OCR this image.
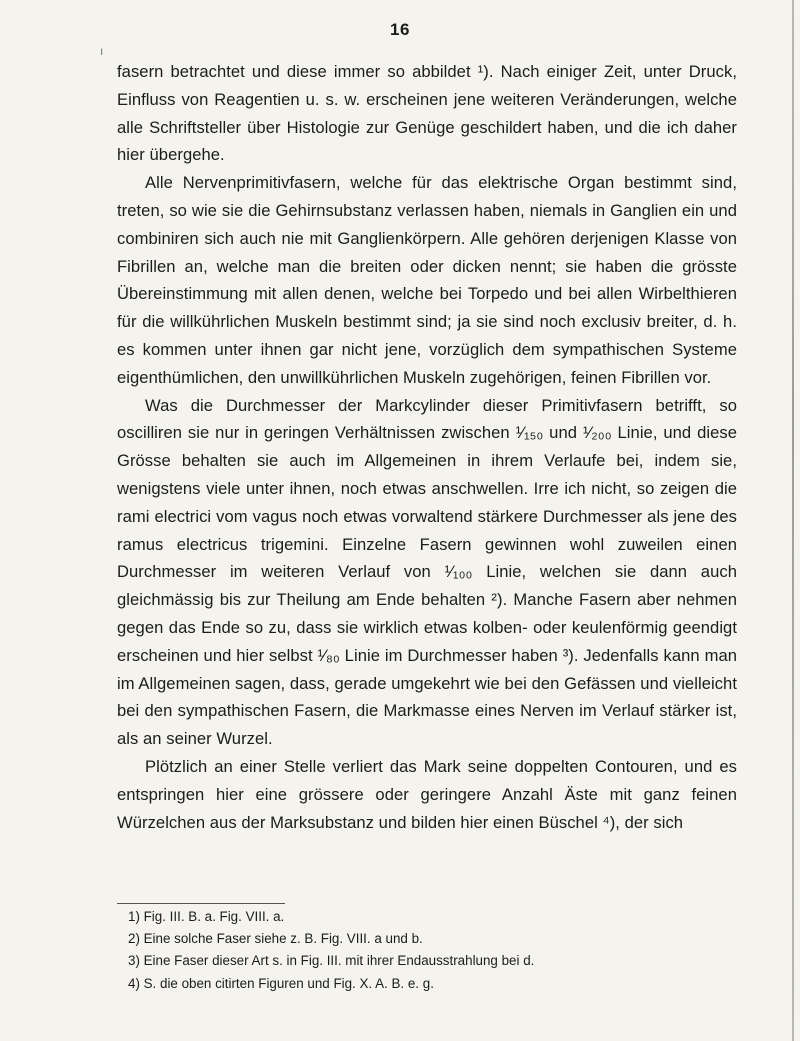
16
ı

fasern betrachtet und diese immer so abbildet ¹). Nach einiger Zeit, unter Druck, Einfluss von Reagentien u. s. w. erscheinen jene weiteren Veränderungen, welche alle Schriftsteller über Histologie zur Genüge geschildert haben, und die ich daher hier übergehe.

Alle Nervenprimitivfasern, welche für das elektrische Organ bestimmt sind, treten, so wie sie die Gehirnsubstanz verlassen haben, niemals in Ganglien ein und combiniren sich auch nie mit Ganglienkörpern. Alle gehören derjenigen Klasse von Fibrillen an, welche man die breiten oder dicken nennt; sie haben die grösste Übereinstimmung mit allen denen, welche bei Torpedo und bei allen Wirbelthieren für die willkührlichen Muskeln bestimmt sind; ja sie sind noch exclusiv breiter, d. h. es kommen unter ihnen gar nicht jene, vorzüglich dem sympathischen Systeme eigenthümlichen, den unwillkührlichen Muskeln zugehörigen, feinen Fibrillen vor.

Was die Durchmesser der Markcylinder dieser Primitivfasern betrifft, so oscilliren sie nur in geringen Verhältnissen zwischen ¹⁄₁₅₀ und ¹⁄₂₀₀ Linie, und diese Grösse behalten sie auch im Allgemeinen in ihrem Verlaufe bei, indem sie, wenigstens viele unter ihnen, noch etwas anschwellen. Irre ich nicht, so zeigen die rami electrici vom vagus noch etwas vorwaltend stärkere Durchmesser als jene des ramus electricus trigemini. Einzelne Fasern gewinnen wohl zuweilen einen Durchmesser im weiteren Verlauf von ¹⁄₁₀₀ Linie, welchen sie dann auch gleichmässig bis zur Theilung am Ende behalten ²). Manche Fasern aber nehmen gegen das Ende so zu, dass sie wirklich etwas kolben- oder keulenförmig geendigt erscheinen und hier selbst ¹⁄₈₀ Linie im Durchmesser haben ³). Jedenfalls kann man im Allgemeinen sagen, dass, gerade umgekehrt wie bei den Gefässen und vielleicht bei den sympathischen Fasern, die Markmasse eines Nerven im Verlauf stärker ist, als an seiner Wurzel.

Plötzlich an einer Stelle verliert das Mark seine doppelten Contouren, und es entspringen hier eine grössere oder geringere Anzahl Äste mit ganz feinen Würzelchen aus der Marksubstanz und bilden hier einen Büschel ⁴), der sich

1) Fig. III. B. a. Fig. VIII. a.

2) Eine solche Faser siehe z. B. Fig. VIII. a und b.

3) Eine Faser dieser Art s. in Fig. III. mit ihrer Endausstrahlung bei d.

4) S. die oben citirten Figuren und Fig. X. A. B. e. g.
